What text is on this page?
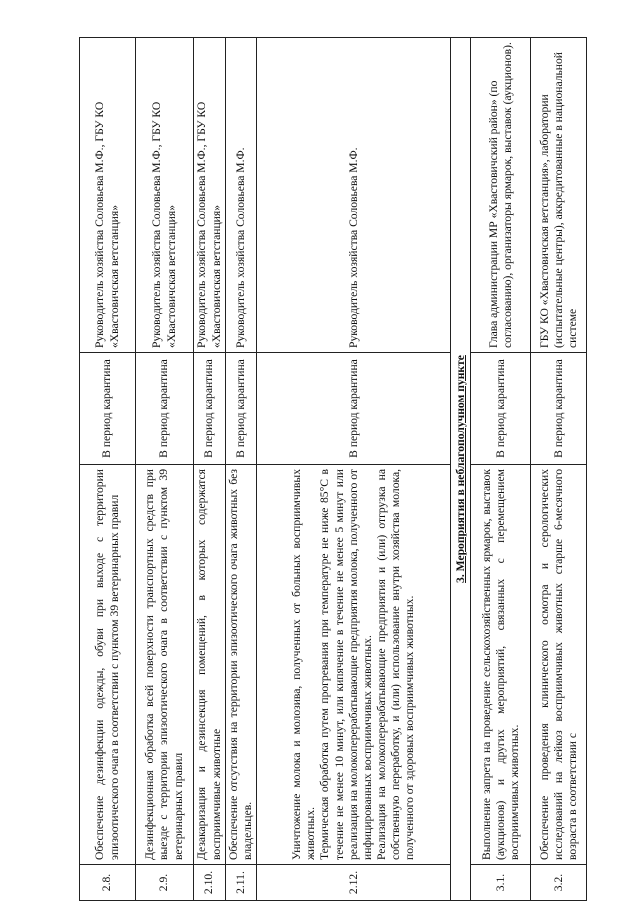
2.8.	Обеспечение дезинфекции одежды, обуви при выходе с территории эпизоотического очага в соответствии с пунктом 39 ветеринарных правил	В период карантина	Руководитель хозяйства Соловьева М.Ф., ГБУ КО «Хвастовичская ветстанция»
2.9.	Дезинфекционная обработка всей поверхности транспортных средств при выезде с территории эпизоотического очага в соответствии с пунктом 39 ветеринарных правил	В период карантина	Руководитель хозяйства Соловьева М.Ф., ГБУ КО «Хвастовичская ветстанция»
2.10.	Дезакаризация и дезинсекция помещений, в которых содержатся восприимчивые животные	В период карантина	Руководитель хозяйства Соловьева М.Ф., ГБУ КО «Хвастовичская ветстанция»
2.11.	Обеспечение отсутствия на территории эпизоотического очага животных без владельцев.	В период карантина	Руководитель хозяйства Соловьева М.Ф.
2.12.	Уничтожение молока и молозива, полученных от больных восприимчивых животных. Термическая обработка путем прогревания при температуре не ниже 85°С в течение не менее 10 минут, или кипячение в течение не менее 5 минут или реализация на молокоперерабатывающие предприятия молока, полученного от инфицированных восприимчивых животных. Реализация на молокоперерабатывающие предприятия и (или) отгрузка на собственную переработку, и (или) использование внутри хозяйства молока, полученного от здоровых восприимчивых животных.	В период карантина	Руководитель хозяйства Соловьева М.Ф.
3. Мероприятия в неблагополучном пункте			
3.1.	Выполнение запрета на проведение сельскохозяйственных ярмарок, выставок (аукционов) и других мероприятий, связанных с перемещением восприимчивых животных.	В период карантина	Глава администрации МР «Хвастовичский район» (по согласованию), организаторы ярмарок, выставок (аукционов).
3.2.	Обеспечение проведения клинического осмотра и серологических исследований на лейкоз восприимчивых животных старше 6-месячного возраста в соответствии с	В период карантина	ГБУ КО «Хвастовичская ветстанция», лаборатории (испытательные центры), аккредитованные в национальной системе
